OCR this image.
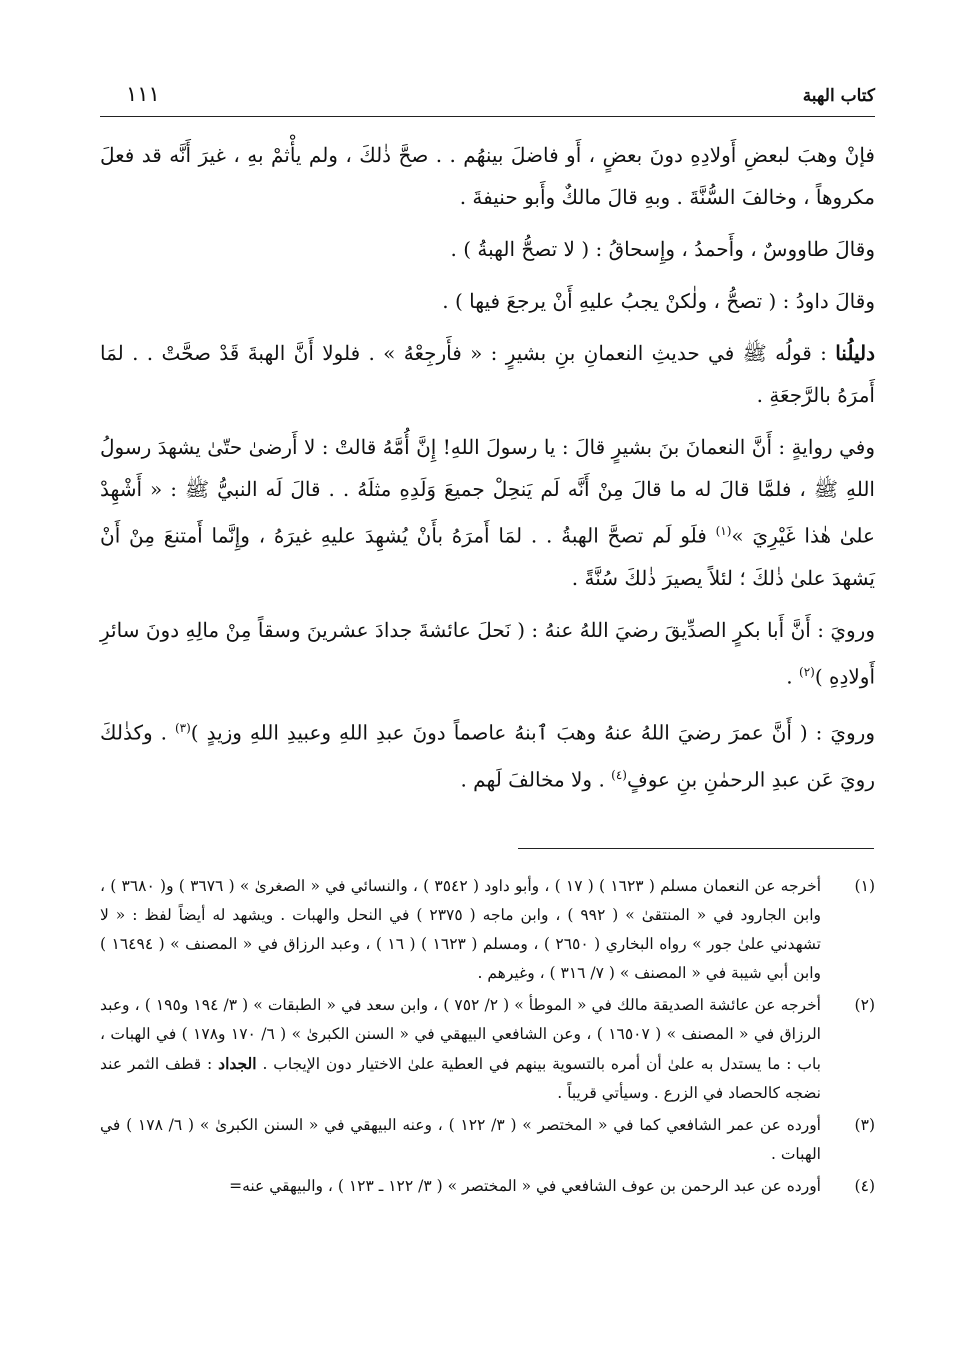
كتاب الهبة
١١١

فإنْ وهبَ لبعضِ أَولادِهِ دونَ بعضٍ ، أَو فاضلَ بينهُم . . صحَّ ذٰلكَ ، ولم يأْثمْ بهِ ، غيرَ أَنَّه قد فعلَ مكروهاً ، وخالفَ السُّنَّةَ . وبهِ قالَ مالكٌ وأَبو حنيفةَ .

وقالَ طاووسٌ ، وأَحمدُ ، وإِسحاقُ : ( لا تصحُّ الهبةُ ) .

وقالَ داودُ : ( تصحُّ ، ولٰكنْ يجبُ عليهِ أَنْ يرجعَ فيها ) .

دليلُنا : قولُه ﷺ في حديثِ النعمانِ بنِ بشيرٍ : « فأَرجِعْهُ » . فلولا أَنَّ الهبةَ قَدْ صحَّتْ . . لمَا أَمرَهُ بالرَّجعَةِ .

وفي روايةٍ : أَنَّ النعمانَ بنَ بشيرٍ قالَ : يا رسولَ اللهِ! إِنَّ أُمَّهُ قالتْ : لا أَرضىٰ حتّىٰ يشهدَ رسولُ اللهِ ﷺ ، فلمَّا قالَ له ما قالَ مِنْ أَنَّه لَم يَنحِلْ جميعَ وَلَدِهِ مثلَهُ . . قالَ لَه النبيُّ ﷺ : « أَشْهِدْ علىٰ هٰذا غَيْرِيَ »$^{(١)}$ فلَو لَم تصحَّ الهبةُ . . لمَا أَمرَهُ بأَنْ يُشهِدَ عليهِ غيرَهُ ، وإِنَّما أَمتنعَ مِنْ أَنْ يَشهدَ علىٰ ذٰلكَ ؛ لئلاً يصيرَ ذٰلكَ سُنَّةً .

ورويَ : أَنَّ أَبا بكرٍ الصدِّيقَ رضيَ اللهُ عنهُ : ( نَحلَ عائشةَ جدادَ عشرينَ وسقاً مِنْ مالِهِ دونَ سائرِ أَولادِهِ )$^{(٢)}$ .

ورويَ : ( أَنَّ عمرَ رضيَ اللهُ عنهُ وهبَ ٱبنهُ عاصماً دونَ عبدِ اللهِ وعبيدِ اللهِ وزيدٍ )$^{(٣)}$ . وكذٰلكَ رويَ عَن عبدِ الرحمٰنِ بنِ عوفٍ$^{(٤)}$ . ولا مخالفَ لَهم .

(١)
أخرجه عن النعمان مسلم ( ١٦٢٣ ) ( ١٧ ) ، وأبو داود ( ٣٥٤٢ ) ، والنسائي في « الصغرىٰ » ( ٣٦٧٦ ) و( ٣٦٨٠ ) ، وابن الجارود في « المنتقىٰ » ( ٩٩٢ ) ، وابن ماجه ( ٢٣٧٥ ) في النحل والهبات . ويشهد له أيضاً لفظ : « لا تشهدني علىٰ جور » رواه البخاري ( ٢٦٥٠ ) ، ومسلم ( ١٦٢٣ ) ( ١٦ ) ، وعبد الرزاق في « المصنف » ( ١٦٤٩٤ ) وابن أبي شيبة في « المصنف » ( ٧/ ٣١٦ ) ، وغيرهم .
(٢)
أخرجه عن عائشة الصديقة مالك في « الموطأ » ( ٢/ ٧٥٢ ) ، وابن سعد في « الطبقات » ( ٣/ ١٩٤ و١٩٥ ) ، وعبد الرزاق في « المصنف » ( ١٦٥٠٧ ) ، وعن الشافعي البيهقي في « السنن الكبرىٰ » ( ٦/ ١٧٠ و١٧٨ ) في الهبات ، باب : ما يستدل به علىٰ أن أمره بالتسوية بينهم في العطية علىٰ الاختيار دون الإيجاب . الجداد : قطف الثمر عند نضجه كالحصاد في الزرع . وسيأتي قريباً .
(٣)
أورده عن عمر الشافعي كما في « المختصر » ( ٣/ ١٢٢ ) ، وعنه البيهقي في « السنن الكبرىٰ » ( ٦/ ١٧٨ ) في الهبات .
(٤)
أورده عن عبد الرحمن بن عوف الشافعي في « المختصر » ( ٣/ ١٢٢ ـ ١٢٣ ) ، والبيهقي عنه=
